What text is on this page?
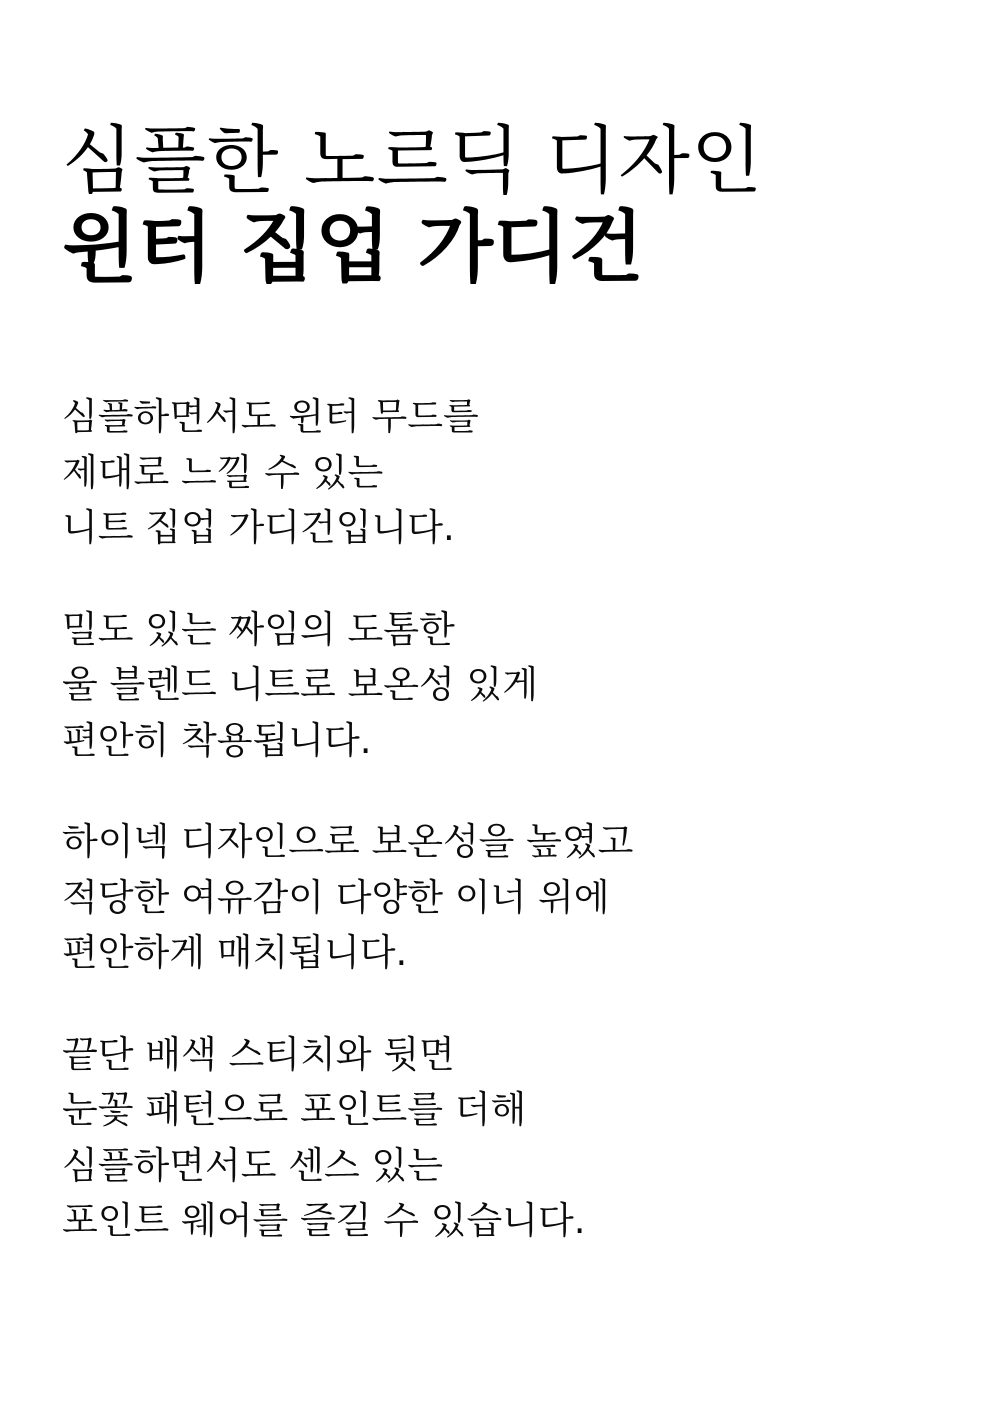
심플한 노르딕 디자인
윈터 집업 가디건

심플하면서도 윈터 무드를
제대로 느낄 수 있는
니트 집업 가디건입니다.

밀도 있는 짜임의 도톰한
울 블렌드 니트로 보온성 있게
편안히 착용됩니다.

하이넥 디자인으로 보온성을 높였고
적당한 여유감이 다양한 이너 위에
편안하게 매치됩니다.

끝단 배색 스티치와 뒷면
눈꽃 패턴으로 포인트를 더해
심플하면서도 센스 있는
포인트 웨어를 즐길 수 있습니다.
